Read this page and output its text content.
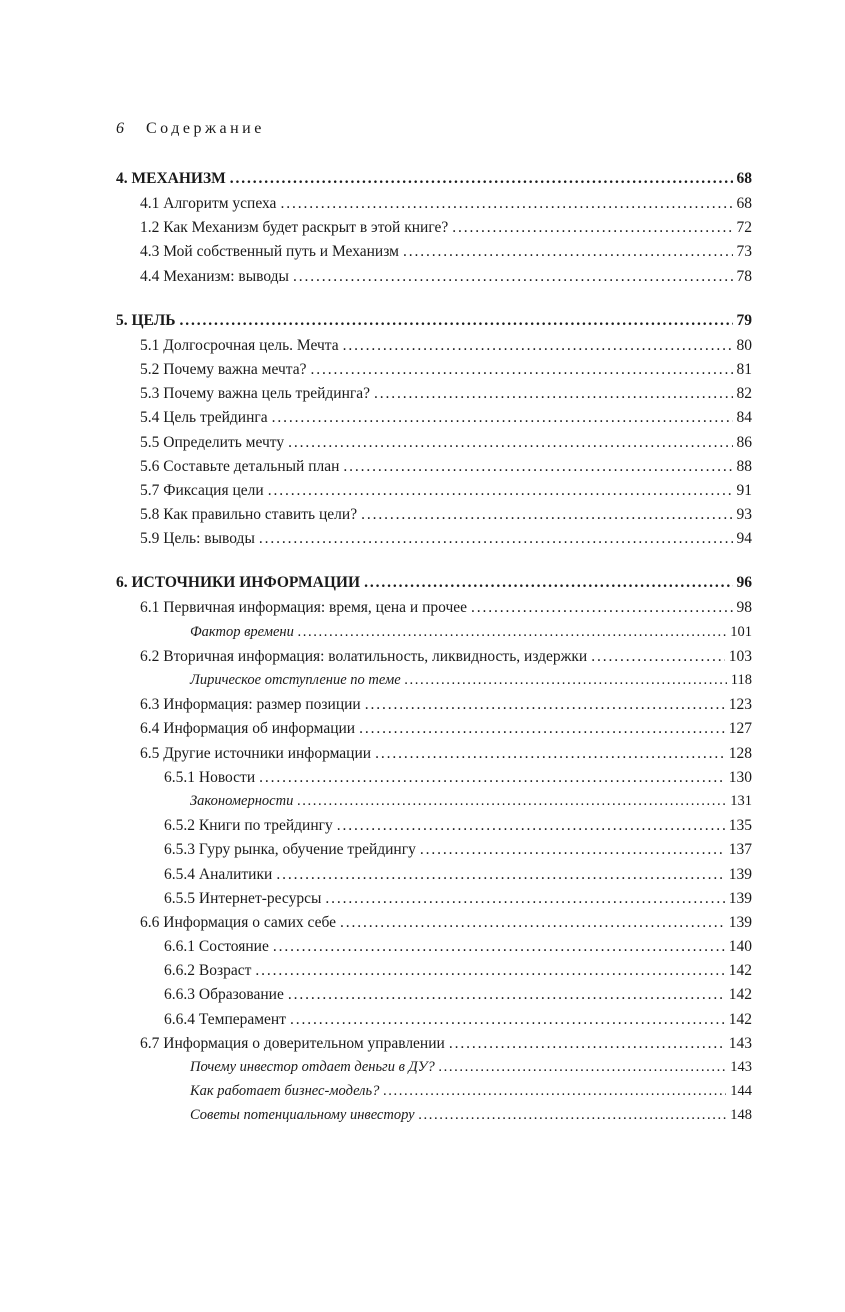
6 Содержание
4. МЕХАНИЗМ . . .	68
4.1 Алгоритм успеха . . .	68
1.2 Как Механизм будет раскрыт в этой книге? . . .	72
4.3 Мой собственный путь и Механизм . . .	73
4.4 Механизм: выводы . . .	78
5. ЦЕЛЬ . . .	79
5.1 Долгосрочная цель. Мечта . . .	80
5.2 Почему важна мечта? . . .	81
5.3 Почему важна цель трейдинга? . . .	82
5.4 Цель трейдинга . . .	84
5.5 Определить мечту . . .	86
5.6 Составьте детальный план . . .	88
5.7 Фиксация цели . . .	91
5.8 Как правильно ставить цели? . . .	93
5.9 Цель: выводы . . .	94
6. ИСТОЧНИКИ ИНФОРМАЦИИ . . .	96
6.1 Первичная информация: время, цена и прочее . . .	98
Фактор времени . . .	101
6.2 Вторичная информация: волатильность, ликвидность, издержки . . .	103
Лирическое отступление по теме . . .	118
6.3 Информация: размер позиции . . .	123
6.4 Информация об информации . . .	127
6.5 Другие источники информации . . .	128
6.5.1 Новости . . .	130
Закономерности . . .	131
6.5.2 Книги по трейдингу . . .	135
6.5.3 Гуру рынка, обучение трейдингу . . .	137
6.5.4 Аналитики . . .	139
6.5.5 Интернет-ресурсы . . .	139
6.6 Информация о самих себе . . .	139
6.6.1 Состояние . . .	140
6.6.2 Возраст . . .	142
6.6.3 Образование . . .	142
6.6.4 Темперамент . . .	142
6.7 Информация о доверительном управлении . . .	143
Почему инвестор отдает деньги в ДУ? . . .	143
Как работает бизнес-модель? . . .	144
Советы потенциальному инвестору . . .	148
